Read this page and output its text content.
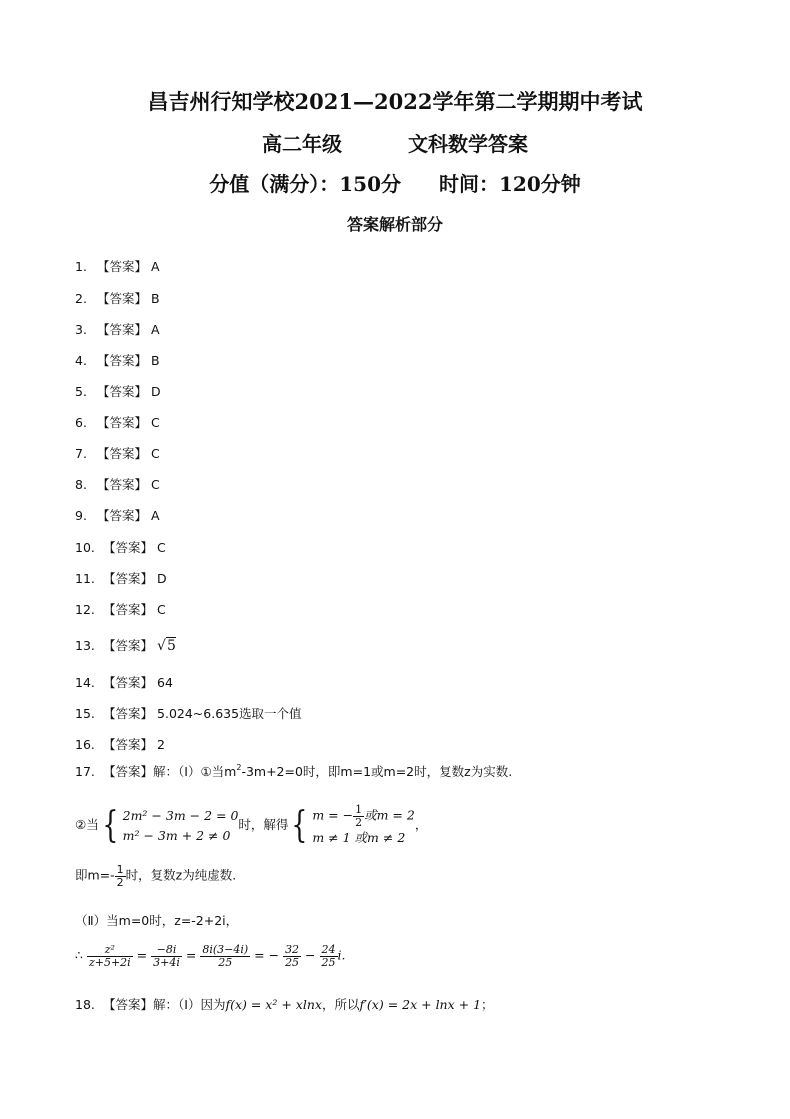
昌吉州行知学校2021—2022学年第二学期期中考试
高二年级	文科数学答案
分值（满分）：150分 时间：120分钟
答案解析部分
1. 【答案】 A
2. 【答案】 B
3. 【答案】 A
4. 【答案】 B
5. 【答案】 D
6. 【答案】 C
7. 【答案】 C
8. 【答案】 C
9. 【答案】 A
10. 【答案】 C
11. 【答案】 D
12. 【答案】 C
13. 【答案】 √5
14. 【答案】 64
15. 【答案】 5.024~6.635选取一个值
16. 【答案】 2
17. 【答案】解：（Ⅰ）①当$m^2-3m+2=0$时，即m=1或m=2时，复数z为实数.
②当 { 2m² − 3m − 2 = 0
m² − 3m + 2 ≠ 0
时，解得 { m = − $\frac{1}{2}$ 或m = 2
m ≠ 1 或m ≠ 2
，
即$m=- \frac{1}{2}$ 时，复数z为纯虚数.
（Ⅱ）当m=0时，z=-2+2i，
∴ $\frac{\text{z²}}{z+5+2i} = \frac{-8i}{3+4i} = \frac{8i(3-4i)}{25}$ = − $\frac{32}{25} - \frac{24}{25} i$.
18. 【答案】解：（Ⅰ）因为f(x) = x² + xlnx，所以f′(x) = 2x + lnx + 1；
